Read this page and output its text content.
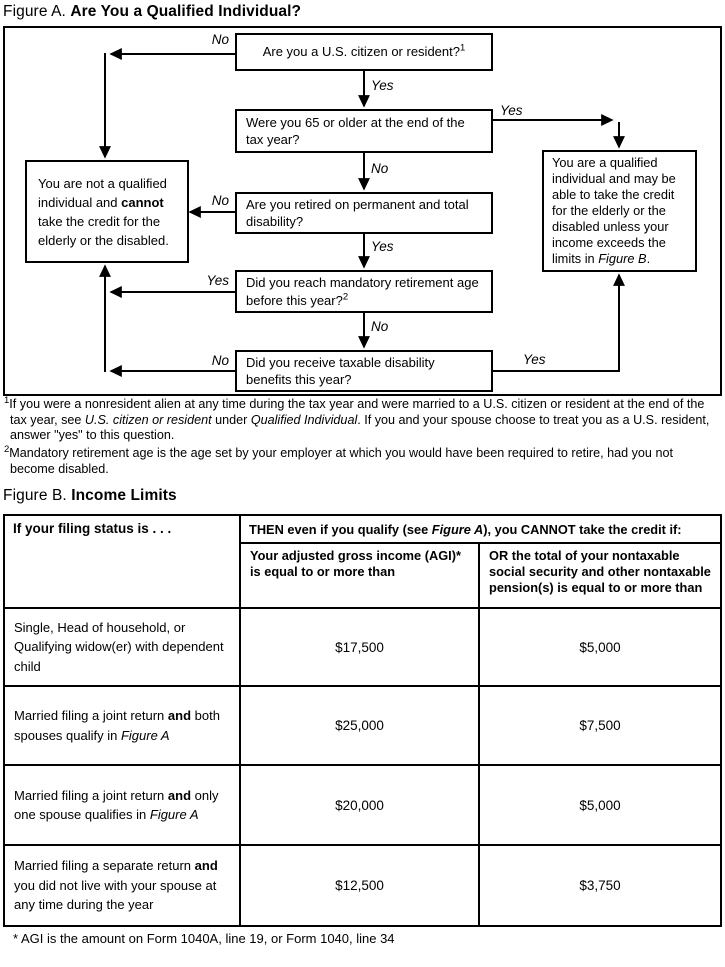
Figure A. Are You a Qualified Individual?
Are you a U.S. citizen or resident?$^1$
Were you 65 or older at the end of the tax year?
Are you retired on permanent and total disability?
Did you reach mandatory retirement age before this year?$^2$
Did you receive taxable disability benefits this year?
You are not a qualified individual and cannot take the credit for the elderly or the disabled.
You are a qualified individual and may be able to take the credit for the elderly or the disabled unless your income exceeds the limits in Figure B.
No
Yes
Yes
No
No
Yes
Yes
No
No	Yes
$^1$If you were a nonresident alien at any time during the tax year and were married to a U.S. citizen or resident at the end of the tax year, see U.S. citizen or resident under Qualified Individual. If you and your spouse choose to treat you as a U.S. resident, answer "yes" to this question.
$^2$Mandatory retirement age is the age set by your employer at which you would have been required to retire, had you not become disabled.
Figure B. Income Limits
If your filing status is . . .	THEN even if you qualify (see Figure A), you CANNOT take the credit if:	
	Your adjusted gross income (AGI)* is equal to or more than	OR the total of your nontaxable social security and other nontaxable pension(s) is equal to or more than
Single, Head of household, or Qualifying widow(er) with dependent child	$17,500	$5,000
Married filing a joint return and both spouses qualify in Figure A	$25,000	$7,500
Married filing a joint return and only one spouse qualifies in Figure A	$20,000	$5,000
Married filing a separate return and you did not live with your spouse at any time during the year	$12,500	$3,750
* AGI is the amount on Form 1040A, line 19, or Form 1040, line 34
